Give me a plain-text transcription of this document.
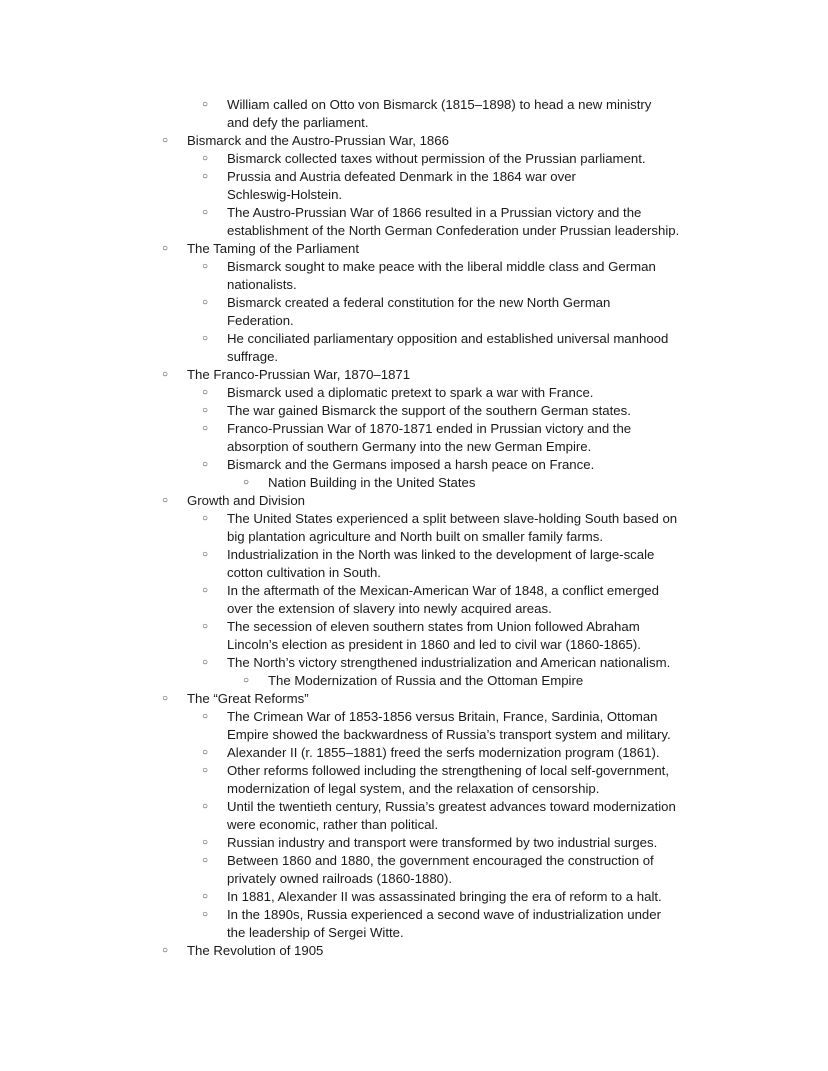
○ William called on Otto von Bismarck (1815–1898) to head a new ministry
and defy the parliament.
○ Bismarck and the Austro-Prussian War, 1866
○ Bismarck collected taxes without permission of the Prussian parliament.
○ Prussia and Austria defeated Denmark in the 1864 war over
Schleswig-Holstein.
○ The Austro-Prussian War of 1866 resulted in a Prussian victory and the
establishment of the North German Confederation under Prussian leadership.
○ The Taming of the Parliament
○ Bismarck sought to make peace with the liberal middle class and German
nationalists.
○ Bismarck created a federal constitution for the new North German
Federation.
○ He conciliated parliamentary opposition and established universal manhood
suffrage.
○ The Franco-Prussian War, 1870–1871
○ Bismarck used a diplomatic pretext to spark a war with France.
○ The war gained Bismarck the support of the southern German states.
○ Franco-Prussian War of 1870-1871 ended in Prussian victory and the
absorption of southern Germany into the new German Empire.
○ Bismarck and the Germans imposed a harsh peace on France.
○ Nation Building in the United States
○ Growth and Division
○ The United States experienced a split between slave-holding South based on
big plantation agriculture and North built on smaller family farms.
○ Industrialization in the North was linked to the development of large-scale
cotton cultivation in South.
○ In the aftermath of the Mexican-American War of 1848, a conflict emerged
over the extension of slavery into newly acquired areas.
○ The secession of eleven southern states from Union followed Abraham
Lincoln’s election as president in 1860 and led to civil war (1860-1865).
○ The North’s victory strengthened industrialization and American nationalism.
○ The Modernization of Russia and the Ottoman Empire
○ The “Great Reforms”
○ The Crimean War of 1853-1856 versus Britain, France, Sardinia, Ottoman
Empire showed the backwardness of Russia’s transport system and military.
○ Alexander II (r. 1855–1881) freed the serfs modernization program (1861).
○ Other reforms followed including the strengthening of local self-government,
modernization of legal system, and the relaxation of censorship.
○ Until the twentieth century, Russia’s greatest advances toward modernization
were economic, rather than political.
○ Russian industry and transport were transformed by two industrial surges.
○ Between 1860 and 1880, the government encouraged the construction of
privately owned railroads (1860-1880).
○ In 1881, Alexander II was assassinated bringing the era of reform to a halt.
○ In the 1890s, Russia experienced a second wave of industrialization under
the leadership of Sergei Witte.
○ The Revolution of 1905
